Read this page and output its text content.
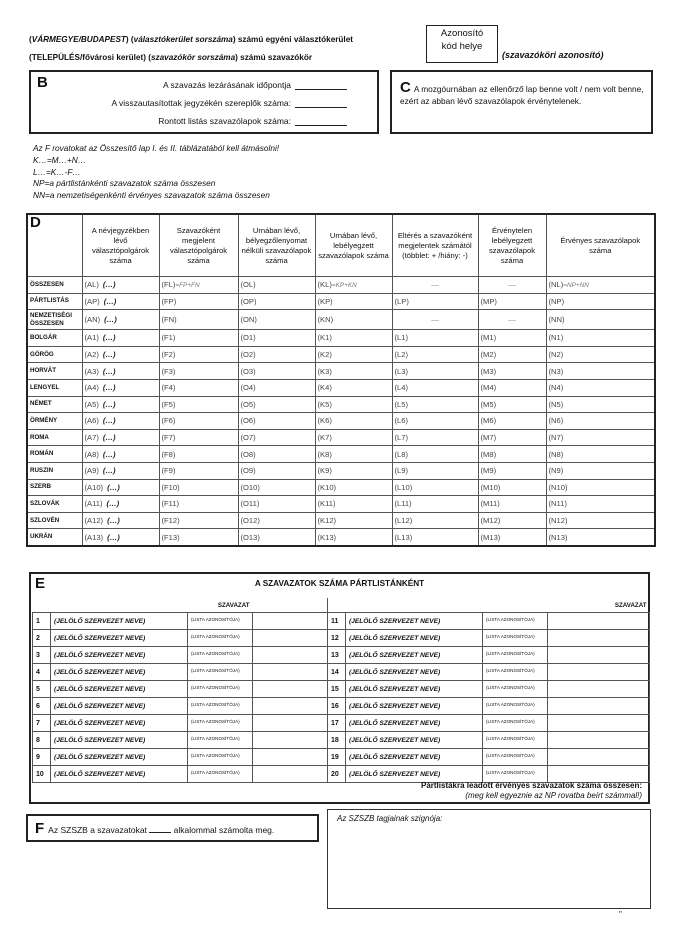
(VÁRMEGYE/BUDAPEST) (választókerület sorszáma) számú egyéni választókerület
(TELEPÜLÉS/fővárosi kerület) (szavazókör sorszáma) számú szavazókör
Azonosító
kód helye
(szavazóköri azonosító)
B	A szavazás lezárásának időpontja
A visszautasítottak jegyzékén szereplők száma:
Rontott listás szavazólapok száma:
C A mozgóurnában az ellenőrző lap benne volt / nem volt benne, ezért az abban lévő szavazólapok érvénytelenek.
Az F rovatokat az Összesítő lap I. és II. táblázatából kell átmásolni!
K…=M…+N…
L…=K…-F…
NP=a pártlistánkénti szavazatok száma összesen
NN=a nemzetiségenkénti érvényes szavazatok száma összesen
D	A névjegyzékben lévő választópolgárok száma	Szavazóként megjelent választópolgárok száma	Urnában lévő, bélyegzőlenyomat nélküli szavazólapok száma	Urnában lévő, lebélyegzett szavazólapok száma	Eltérés a szavazóként megjelentek számától (többlet: + /hiány: -)	Érvénytelen lebélyegzett szavazólapok száma	Érvényes szavazólapok száma
ÖSSZESEN	(AL) (…)	(FL)=FP+FN	(OL)	(KL)=KP+KN	—	—	(NL)=NP+NN
PÁRTLISTÁS	(AP) (…)	(FP)	(OP)	(KP)	(LP)	(MP)	(NP)
NEMZETISÉGI ÖSSZESEN	(AN) (…)	(FN)	(ON)	(KN)	—	—	(NN)
BOLGÁR	(A1) (…)	(F1)	(O1)	(K1)	(L1)	(M1)	(N1)
GÖRÖG	(A2) (…)	(F2)	(O2)	(K2)	(L2)	(M2)	(N2)
HORVÁT	(A3) (…)	(F3)	(O3)	(K3)	(L3)	(M3)	(N3)
LENGYEL	(A4) (…)	(F4)	(O4)	(K4)	(L4)	(M4)	(N4)
NÉMET	(A5) (…)	(F5)	(O5)	(K5)	(L5)	(M5)	(N5)
ÖRMÉNY	(A6) (…)	(F6)	(O6)	(K6)	(L6)	(M6)	(N6)
ROMA	(A7) (…)	(F7)	(O7)	(K7)	(L7)	(M7)	(N7)
ROMÁN	(A8) (…)	(F8)	(O8)	(K8)	(L8)	(M8)	(N8)
RUSZIN	(A9) (…)	(F9)	(O9)	(K9)	(L9)	(M9)	(N9)
SZERB	(A10) (…)	(F10)	(O10)	(K10)	(L10)	(M10)	(N10)
SZLOVÁK	(A11) (…)	(F11)	(O11)	(K11)	(L11)	(M11)	(N11)
SZLOVÉN	(A12) (…)	(F12)	(O12)	(K12)	(L12)	(M12)	(N12)
UKRÁN	(A13) (…)	(F13)	(O13)	(K13)	(L13)	(M13)	(N13)
E	A SZAVAZATOK SZÁMA PÁRTLISTÁNKÉNT
		SZAVAZAT					SZAVAZAT
1	(JELÖLŐ SZERVEZET NEVE)	(LISTA AZONOSÍTÓJA)		11	(JELÖLŐ SZERVEZET NEVE)	(LISTA AZONOSÍTÓJA)	

2	(JELÖLŐ SZERVEZET NEVE)	(LISTA AZONOSÍTÓJA)		12	(JELÖLŐ SZERVEZET NEVE)	(LISTA AZONOSÍTÓJA)	

3	(JELÖLŐ SZERVEZET NEVE)	(LISTA AZONOSÍTÓJA)		13	(JELÖLŐ SZERVEZET NEVE)	(LISTA AZONOSÍTÓJA)	

4	(JELÖLŐ SZERVEZET NEVE)	(LISTA AZONOSÍTÓJA)		14	(JELÖLŐ SZERVEZET NEVE)	(LISTA AZONOSÍTÓJA)	

5	(JELÖLŐ SZERVEZET NEVE)	(LISTA AZONOSÍTÓJA)		15	(JELÖLŐ SZERVEZET NEVE)	(LISTA AZONOSÍTÓJA)	

6	(JELÖLŐ SZERVEZET NEVE)	(LISTA AZONOSÍTÓJA)		16	(JELÖLŐ SZERVEZET NEVE)	(LISTA AZONOSÍTÓJA)	

7	(JELÖLŐ SZERVEZET NEVE)	(LISTA AZONOSÍTÓJA)		17	(JELÖLŐ SZERVEZET NEVE)	(LISTA AZONOSÍTÓJA)	

8	(JELÖLŐ SZERVEZET NEVE)	(LISTA AZONOSÍTÓJA)		18	(JELÖLŐ SZERVEZET NEVE)	(LISTA AZONOSÍTÓJA)	

9	(JELÖLŐ SZERVEZET NEVE)	(LISTA AZONOSÍTÓJA)		19	(JELÖLŐ SZERVEZET NEVE)	(LISTA AZONOSÍTÓJA)	

10	(JELÖLŐ SZERVEZET NEVE)	(LISTA AZONOSÍTÓJA)		20	(JELÖLŐ SZERVEZET NEVE)	(LISTA AZONOSÍTÓJA)	

Pártlistákra leadott érvényes szavazatok száma összesen:
(meg kell egyeznie az NP rovatba beírt számmal!)
F Az SZSZB a szavazatokat	alkalommal számolta meg.
Az SZSZB tagjainak szignója:
"
